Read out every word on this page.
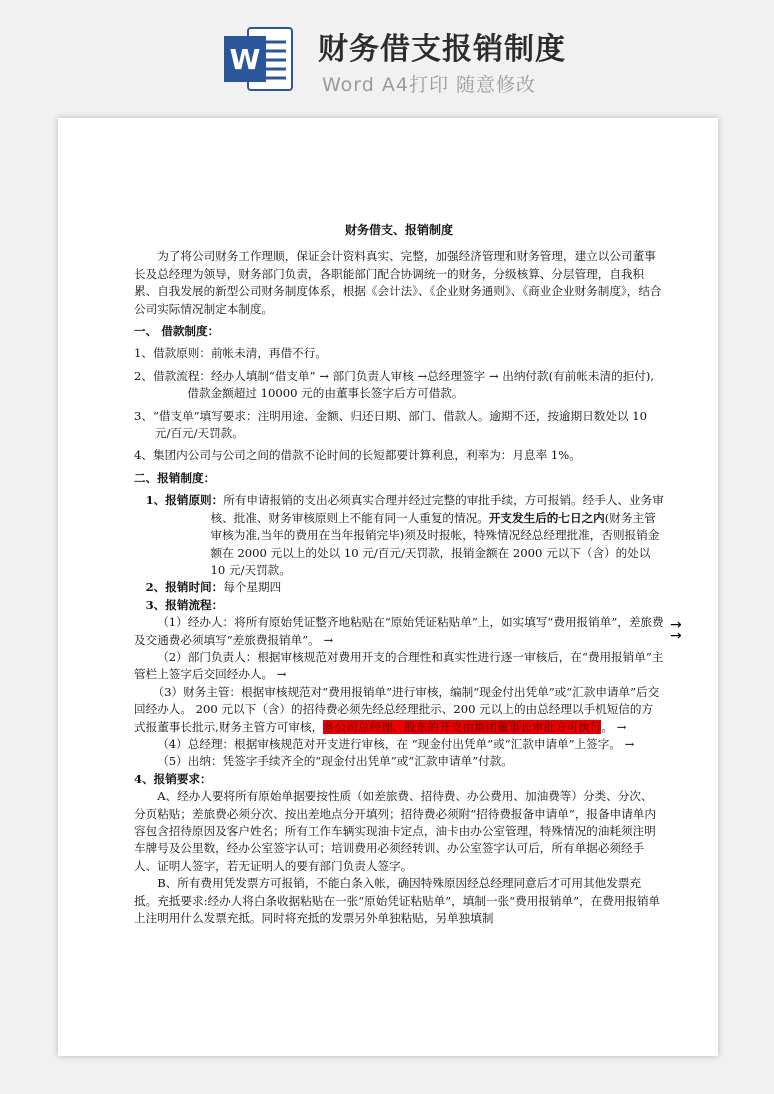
W 财务借支报销制度
Word A4打印 随意修改

财务借支、报销制度

为了将公司财务工作理顺，保证会计资料真实、完整，加强经济管理和财务管理，建立以公司董事长及总经理为领导，财务部门负责，各职能部门配合协调统一的财务，分级核算、分层管理，自我积累、自我发展的新型公司财务制度体系，根据《会计法》、《企业财务通则》、《商业企业财务制度》，结合公司实际情况制定本制度。

一、 借款制度：

1、借款原则：前帐未清，再借不行。

2、借款流程：经办人填制“借支单” → 部门负责人审核 →总经理签字 → 出纳付款(有前帐未清的拒付),借款金额超过 10000 元的由董事长签字后方可借款。

3、“借支单”填写要求：注明用途、金额、归还日期、部门、借款人。逾期不还，按逾期日数处以 10 元/百元/天罚款。

4、集团内公司与公司之间的借款不论时间的长短都要计算利息，利率为：月息率 1%。

二、报销制度：

1、报销原则：所有申请报销的支出必须真实合理并经过完整的审批手续，方可报销。经手人、业务审核、批准、财务审核原则上不能有同一人重复的情况。开支发生后的七日之内(财务主管审核为准,当年的费用在当年报销完毕)须及时报帐，特殊情况经总经理批准，否则报销金额在 2000 元以上的处以 10 元/百元/天罚款，报销金额在 2000 元以下（含）的处以 10 元/天罚款。

2、报销时间：每个星期四

3、报销流程：

（1）经办人：将所有原始凭证整齐地粘贴在“原始凭证粘贴单”上，如实填写“费用报销单”，差旅费及交通费必须填写“差旅费报销单”。 →

（2）部门负责人：根据审核规范对费用开支的合理性和真实性进行逐一审核后，在“费用报销单”主管栏上签字后交回经办人。 →

（3）财务主管：根据审核规范对“费用报销单”进行审核，编制“现金付出凭单”或“汇款申请单”后交回经办人。 200 元以下（含）的招待费必须先经总经理批示、200 元以上的由总经理以手机短信的方式报董事长批示,财务主管方可审核，各公司总经理、股东的开支由集团董事长审批方可执行。 →

（4）总经理：根据审核规范对开支进行审核，在 “现金付出凭单”或“汇款申请单”上签字。 →

（5）出纳：凭签字手续齐全的“现金付出凭单”或“汇款申请单”付款。

4、报销要求：

A、经办人要将所有原始单据要按性质（如差旅费、招待费、办公费用、加油费等）分类、分次、分页粘贴；差旅费必须分次、按出差地点分开填列；招待费必须附“招待费报备申请单”，报备申请单内容包含招待原因及客户姓名；所有工作车辆实现油卡定点，油卡由办公室管理，特殊情况的油耗须注明车牌号及公里数，经办公室签字认可；培训费用必须经转训、办公室签字认可后，所有单据必须经手人、证明人签字，若无证明人的要有部门负责人签字。

B、所有费用凭发票方可报销，不能白条入帐，确因特殊原因经总经理同意后才可用其他发票充抵。充抵要求:经办人将白条收据粘贴在一张“原始凭证粘贴单”，填制一张“费用报销单”，在费用报销单上注明用什么发票充抵。同时将充抵的发票另外单独粘贴，另单独填制

→ →
